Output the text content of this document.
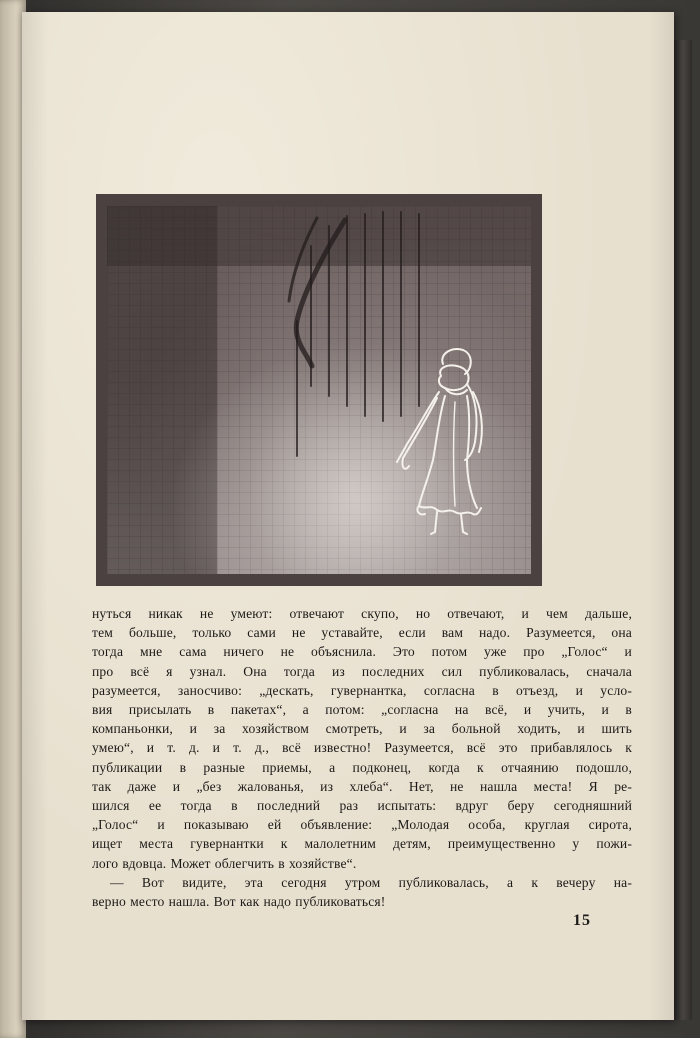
нуться никак не умеют: отвечают скупо, но отвечают, и чем дальше,
тем больше, только сами не уставайте, если вам надо. Разумеется, она
тогда мне сама ничего не объяснила. Это потом уже про „Голос“ и
про всё я узнал. Она тогда из последних сил публиковалась, сначала
разумеется, заносчиво: „дескать, гувернантка, согласна в отъезд, и усло-
вия присылать в пакетах“, а потом: „согласна на всё, и учить, и в
компаньонки, и за хозяйством смотреть, и за больной ходить, и шить
умею“, и т. д. и т. д., всё известно! Разумеется, всё это прибавлялось к
публикации в разные приемы, а подконец, когда к отчаянию подошло,
так даже и „без жалованья, из хлеба“. Нет, не нашла места! Я ре-
шился ее тогда в последний раз испытать: вдруг беру сегодняшний
„Голос“ и показываю ей объявление: „Молодая особа, круглая сирота,
ищет места гувернантки к малолетним детям, преимущественно у пожи-
лого вдовца. Может облегчить в хозяйстве“.
— Вот видите, эта сегодня утром публиковалась, а к вечеру на-
верно место нашла. Вот как надо публиковаться!
15
